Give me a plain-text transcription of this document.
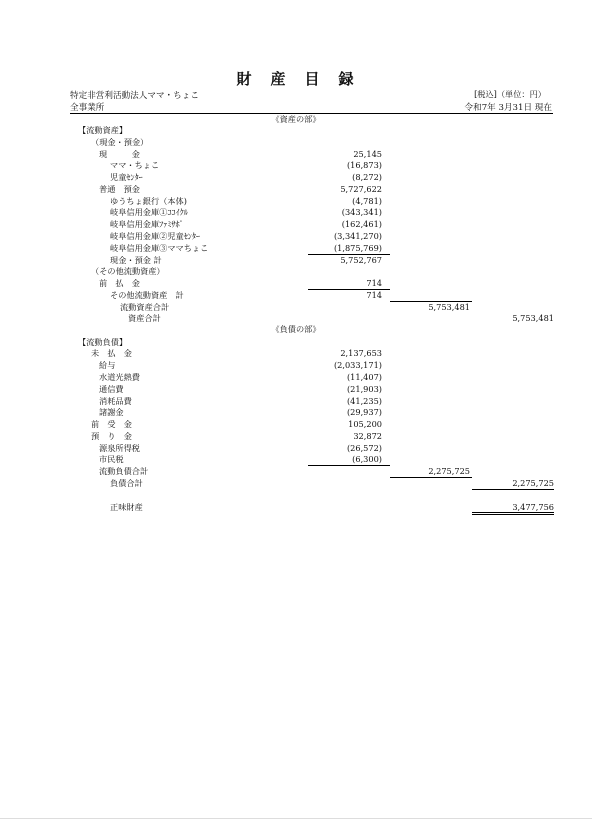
財　産　目　録
特定非営利活動法人ママ・ちょこ	[税込]（単位：円）
全事業所	令和7年 3月31日 現在
《資産の部》
《負債の部》
【流動資産】
（現金・預金）
現　　　金	25,145
ママ・ちょこ	(16,873)
児童ｾﾝﾀｰ	(8,272)
普通　預金	5,727,622
ゆうちょ銀行（本体)	(4,781)
岐阜信用金庫①ｺｺｲｸﾙ	(343,341)
岐阜信用金庫ﾌｧﾐｻﾎﾟ	(162,461)
岐阜信用金庫②児童ｾﾝﾀｰ	(3,341,270)
岐阜信用金庫③ママちょこ	(1,875,769)
現金・預金 計	5,752,767
（その他流動資産）
前　払　金	714
その他流動資産　計	714
流動資産合計	5,753,481
資産合計	5,753,481
【流動負債】
未　払　金	2,137,653
給与	(2,033,171)
水道光熱費	(11,407)
通信費	(21,903)
消耗品費	(41,235)
諸謝金	(29,937)
前　受　金	105,200
預　り　金	32,872
源泉所得税	(26,572)
市民税	(6,300)
流動負債合計	2,275,725
負債合計	2,275,725
正味財産	3,477,756
